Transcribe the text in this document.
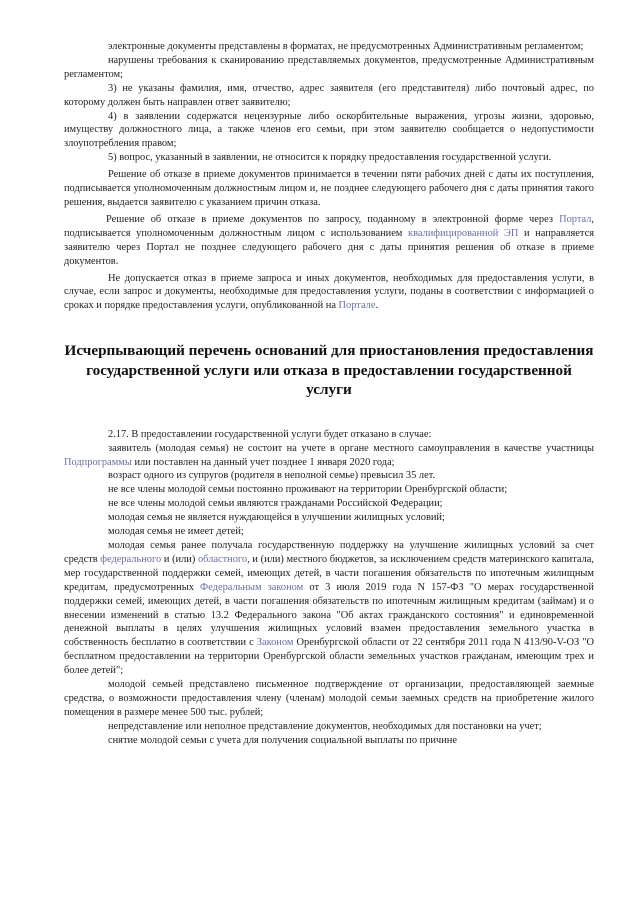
электронные документы представлены в форматах, не предусмотренных Административным регламентом;

нарушены требования к сканированию представляемых документов, предусмотренные Административным регламентом;

3) не указаны фамилия, имя, отчество, адрес заявителя (его представителя) либо почтовый адрес, по которому должен быть направлен ответ заявителю;

4) в заявлении содержатся нецензурные либо оскорбительные выражения, угрозы жизни, здоровью, имуществу должностного лица, а также членов его семьи, при этом заявителю сообщается о недопустимости злоупотребления правом;

5) вопрос, указанный в заявлении, не относится к порядку предоставления государственной услуги.

Решение об отказе в приеме документов принимается в течении пяти рабочих дней с даты их поступления, подписывается уполномоченным должностным лицом и, не позднее следующего рабочего дня с даты принятия такого решения, выдается заявителю с указанием причин отказа.

Решение об отказе в приеме документов по запросу, поданному в электронной форме через Портал, подписывается уполномоченным должностным лицом с использованием квалифицированной ЭП и направляется заявителю через Портал не позднее следующего рабочего дня с даты принятия решения об отказе в приеме документов.

Не допускается отказ в приеме запроса и иных документов, необходимых для предоставления услуги, в случае, если запрос и документы, необходимые для предоставления услуги, поданы в соответствии с информацией о сроках и порядке предоставления услуги, опубликованной на Портале.

Исчерпывающий перечень оснований для приостановления предоставления государственной услуги или отказа в предоставлении государственной услуги

2.17. В предоставлении государственной услуги будет отказано в случае:

заявитель (молодая семья) не состоит на учете в органе местного самоуправления в качестве участницы Подпрограммы или поставлен на данный учет позднее 1 января 2020 года;

возраст одного из супругов (родителя в неполной семье) превысил 35 лет.

не все члены молодой семьи постоянно проживают на территории Оренбургской области;

не все члены молодой семьи являются гражданами Российской Федерации;

молодая семья не является нуждающейся в улучшении жилищных условий;

молодая семья не имеет детей;

молодая семья ранее получала государственную поддержку на улучшение жилищных условий за счет средств федерального и (или) областного, и (или) местного бюджетов, за исключением средств материнского капитала, мер государственной поддержки семей, имеющих детей, в части погашения обязательств по ипотечным жилищным кредитам, предусмотренных Федеральным законом от 3 июля 2019 года N 157-ФЗ "О мерах государственной поддержки семей, имеющих детей, в части погашения обязательств по ипотечным жилищным кредитам (займам) и о внесении изменений в статью 13.2 Федерального закона "Об актах гражданского состояния" и единовременной денежной выплаты в целях улучшения жилищных условий взамен предоставления земельного участка в собственность бесплатно в соответствии с Законом Оренбургской области от 22 сентября 2011 года N 413/90-V-ОЗ "О бесплатном предоставлении на территории Оренбургской области земельных участков гражданам, имеющим трех и более детей";

молодой семьей представлено письменное подтверждение от организации, предоставляющей заемные средства, о возможности предоставления члену (членам) молодой семьи заемных средств на приобретение жилого помещения в размере менее 500 тыс. рублей;

непредставление или неполное представление документов, необходимых для постановки на учет;

снятие молодой семьи с учета для получения социальной выплаты по причине
